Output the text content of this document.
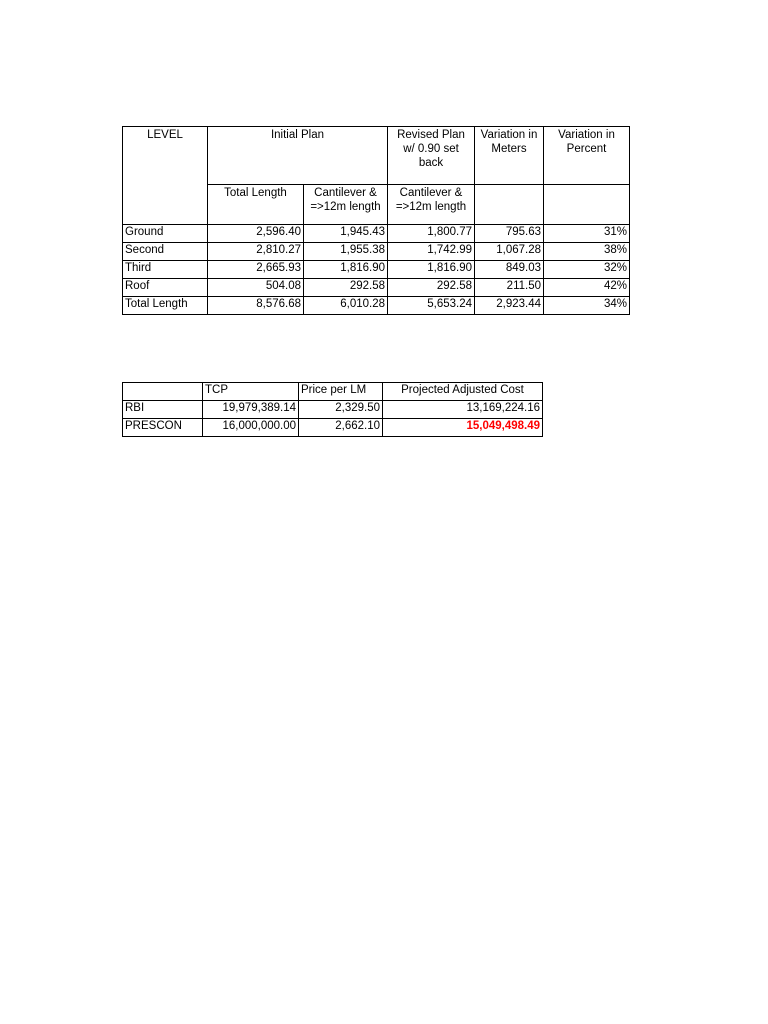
LEVEL	Initial Plan		Revised Plan w/ 0.90 set back	Variation in Meters	Variation in Percent
	Total Length	Cantilever & =>12m length	Cantilever & =>12m length		
Ground	2,596.40	1,945.43	1,800.77	795.63	31%
Second	2,810.27	1,955.38	1,742.99	1,067.28	38%
Third	2,665.93	1,816.90	1,816.90	849.03	32%
Roof	504.08	292.58	292.58	211.50	42%
Total Length	8,576.68	6,010.28	5,653.24	2,923.44	34%
	TCP	Price per LM	Projected Adjusted Cost
RBI	19,979,389.14	2,329.50	13,169,224.16
PRESCON	16,000,000.00	2,662.10	15,049,498.49
